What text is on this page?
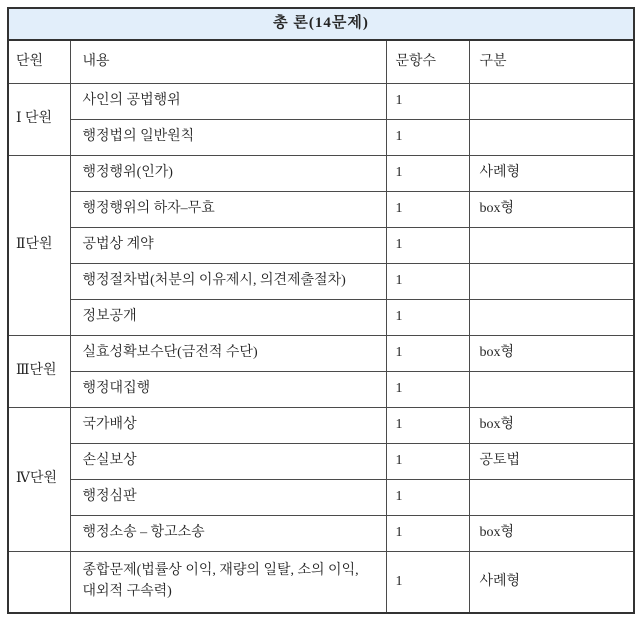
총 론(14문제)			
단원	내용	문항수	구분
Ⅰ 단원	사인의 공법행위	1	
	행정법의 일반원칙	1	
Ⅱ단원	행정행위(인가)	1	사례형
	행정행위의 하자–무효	1	box형
	공법상 계약	1	
	행정절차법(처분의 이유제시, 의견제출절차)	1	
	정보공개	1	
Ⅲ단원	실효성확보수단(금전적 수단)	1	box형
	행정대집행	1	
Ⅳ단원	국가배상	1	box형
	손실보상	1	공토법
	행정심판	1	
	행정소송 – 항고소송	1	box형
	종합문제(법률상 이익, 재량의 일탈, 소의 이익, 대외적 구속력)	1	사례형
